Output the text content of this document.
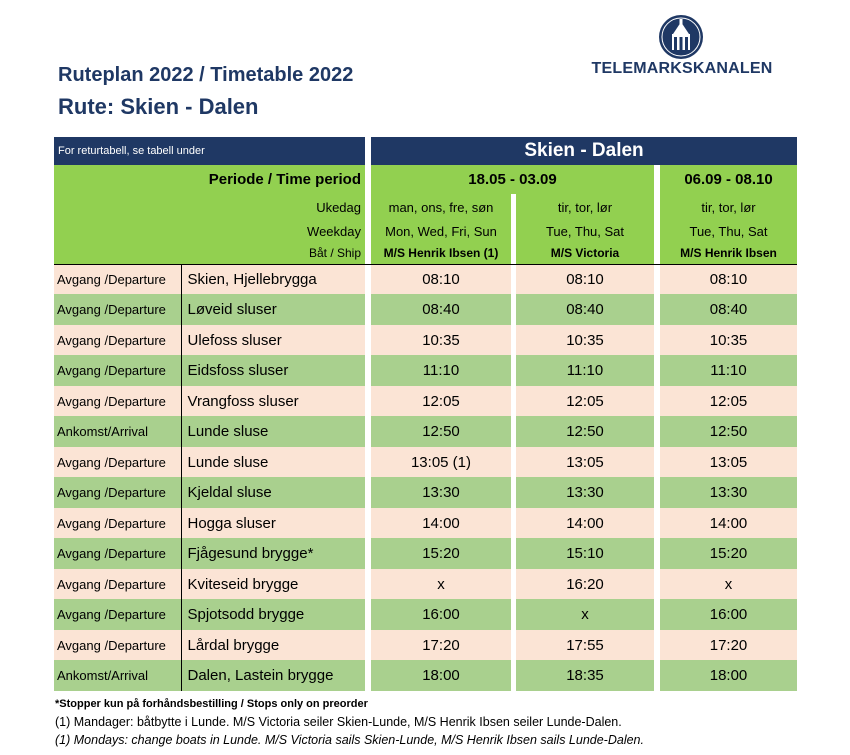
Ruteplan 2022 / Timetable 2022
Rute: Skien - Dalen
TELEMARKSKANALEN
For returtabell, se tabell under			Skien - Dalen				
Periode / Time period			18.05 - 03.09				06.09 - 08.10
Ukedag			man, ons, fre, søn		tir, tor, lør		tir, tor, lør
Weekday			Mon, Wed, Fri, Sun		Tue, Thu, Sat		Tue, Thu, Sat
Båt / Ship			M/S Henrik Ibsen (1)		M/S Victoria		M/S Henrik Ibsen
Avgang /Departure	Skien, Hjellebrygga		08:10		08:10		08:10
Avgang /Departure	Løveid sluser		08:40		08:40		08:40
Avgang /Departure	Ulefoss sluser		10:35		10:35		10:35
Avgang /Departure	Eidsfoss sluser		11:10		11:10		11:10
Avgang /Departure	Vrangfoss sluser		12:05		12:05		12:05
Ankomst/Arrival	Lunde sluse		12:50		12:50		12:50
Avgang /Departure	Lunde sluse		13:05 (1)		13:05		13:05
Avgang /Departure	Kjeldal sluse		13:30		13:30		13:30
Avgang /Departure	Hogga sluser		14:00		14:00		14:00
Avgang /Departure	Fjågesund brygge*		15:20		15:10		15:20
Avgang /Departure	Kviteseid brygge		x		16:20		x
Avgang /Departure	Spjotsodd brygge		16:00		x		16:00
Avgang /Departure	Lårdal brygge		17:20		17:55		17:20
Ankomst/Arrival	Dalen, Lastein brygge		18:00		18:35		18:00
*Stopper kun på forhåndsbestilling / Stops only on preorder
(1) Mandager: båtbytte i Lunde. M/S Victoria seiler Skien-Lunde, M/S Henrik Ibsen seiler Lunde-Dalen.
(1) Mondays: change boats in Lunde. M/S Victoria sails Skien-Lunde, M/S Henrik Ibsen sails Lunde-Dalen.
